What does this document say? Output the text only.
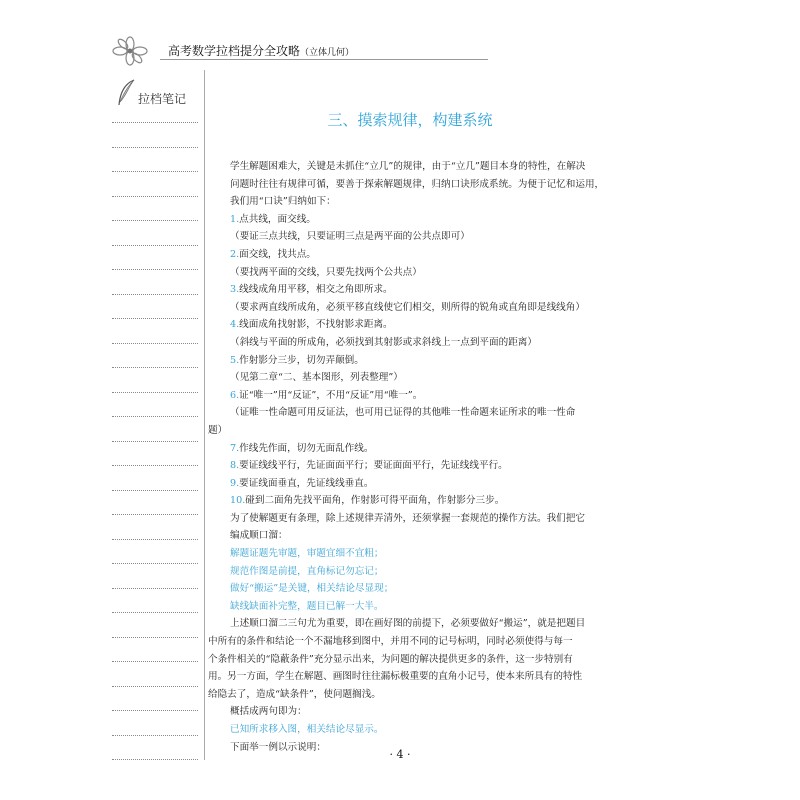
高考数学拉档提分全攻略（立体几何）
拉档笔记
三、摸索规律，构建系统
学生解题困难大，关键是未抓住“立几”的规律，由于“立几”题目本身的特性，在解决
问题时往往有规律可循，要善于探索解题规律，归纳口诀形成系统。为便于记忆和运用，
我们用“口诀”归纳如下：
1.点共线，面交线。
（要证三点共线，只要证明三点是两平面的公共点即可）
2.面交线，找共点。
（要找两平面的交线，只要先找两个公共点）
3.线线成角用平移，相交之角即所求。
（要求两直线所成角，必须平移直线使它们相交，则所得的锐角或直角即是线线角）
4.线面成角找射影，不找射影求距离。
（斜线与平面的所成角，必须找到其射影或求斜线上一点到平面的距离）
5.作射影分三步，切勿弄颠倒。
（见第二章“二、基本图形，列表整理”）
6.证“唯一”用“反证”，不用“反证”用“唯一”。
（证唯一性命题可用反证法，也可用已证得的其他唯一性命题来证所求的唯一性命
题）
7.作线先作面，切勿无面乱作线。
8.要证线线平行，先证面面平行；要证面面平行，先证线线平行。
9.要证线面垂直，先证线线垂直。
10.碰到二面角先找平面角，作射影可得平面角，作射影分三步。
为了使解题更有条理，除上述规律弄清外，还须掌握一套规范的操作方法。我们把它
编成顺口溜：
解题证题先审题，审题宜细不宜粗；
规范作图是前提，直角标记勿忘记；
做好“搬运”是关键，相关结论尽显现；
缺线缺面补完整，题目已解一大半。
上述顺口溜二三句尤为重要，即在画好图的前提下，必须要做好“搬运”，就是把题目
中所有的条件和结论一个不漏地移到图中，并用不同的记号标明，同时必须使得与每一
个条件相关的“隐蔽条件”充分显示出来，为问题的解决提供更多的条件，这一步特别有
用。另一方面，学生在解题、画图时往往漏标极重要的直角小记号，使本来所具有的特性
给隐去了，造成“缺条件”，使问题搁浅。
概括成两句即为：
已知所求移入图，相关结论尽显示。
下面举一例以示说明：
· 4 ·
